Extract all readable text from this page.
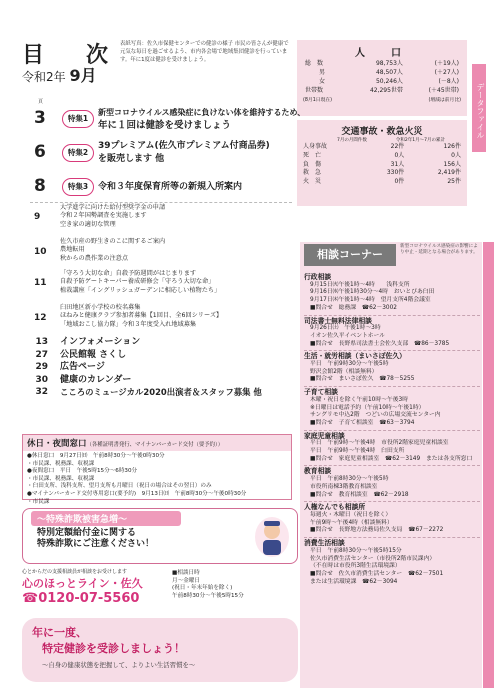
目　次
令和2年 9月
表紙写真：佐久市保健センターでの健診の様子 市民の皆さんが健康で元気な毎日を過ごせるよう、市内各会場で地域集団健診を行っています。年に1度は健診を受けましょう。
人　口
総　数	98,753人	(＋19人)
男	48,507人	(＋27人)
女	50,246人	(－8人)
世帯数	42,295世帯	(＋45世帯)
(8月1日現在)	(増減は前月比)	データファイル
交通事故・救急火災
7月の月間件数	令和2年1月～7月の累計
人身事故	22件	126件
死　亡	0人	0人
負　傷	31人	156人
救　急	330件	2,419件
火　災	0件	25件
頁
3	特集1
新型コロナウイルス感染症に負けない体を維持するため、
年に１回は健診を受けましょう
6	特集2
39プレミアム(佐久市プレミアム付商品券)
を販売します 他
8	特集3	令和３年度保育所等の新規入所案内
9
大学進学に向けた給付型奨学金の申請
令和２年国勢調査を実施します
空き家の適切な管理
10
佐久市産の野生きのこに関するご案内
農地転用
秋からの農作業の注意点
11
「守ろう大切な命」自殺予防週間がはじまります
自殺予防ゲートキーパー養成研修会「守ろう大切な命」
植栽講座「イングリッシュガーデンに相応しい植物たち」
12
臼田地区新小学校の校名募集
ほねみと健康クラブ参加者募集【1回目、全6回シリーズ】
「地域おこし協力隊」令和３年度受入れ地域募集
13 インフォメーション
27 公民館報 さくし
29 広告ページ
30 健康のカレンダー
32 こころのミュージカル2020出演者＆スタッフ募集 他
休日・夜間窓口（各種証明書発行、マイナンバーカード交付（要予約））
●休日窓口　9月27日㈰　午前8時30分～午後0時30分
・市民課、税務課、収税課
●夜間窓口　平日　午後5時15分～6時30分
・市民課、税務課、収税課
・臼田支所、浅科支所、望月支所も月曜日（祝日の場合はその翌日）のみ
●マイナンバーカード交付専用窓口(要予約)　9月13日㈰　午前8時30分～午後0時30分
・市民課
～特殊詐欺被害急増～
特別定額給付金に関する
特殊詐欺にご注意ください！
心とからだの支援相談員が相談をお受けします
心のほっとライン・佐久
☎0120-07-5560
■相談日時
月～金曜日
(祝日・年末年始を除く)
午前8時30分～午後5時15分
年に一度、
特定健診を受診しましょう！
～自身の健康状態を把握して、よりよい生活習慣を～
相談コーナー
新型コロナウイルス感染症の影響により中止・延期となる場合があります。
行政相談
9月15日㈫午後1時～4時　　浅科支所
9月16日㈬午後1時30分～4時　おいとぴあ臼田
9月17日㈭午後1時～4時　望月支所4階会議室
■問合せ　総務課　☎62－3002
司法書士無料法律相談
9月26日㈯　午後1時～3時
イオン佐久平イベントホール
■問合せ　長野県司法書士会佐久支部　☎86－3785
生活・就労相談（まいさぽ佐久）
平日　午前9時30分～午後5時
野沢会館2階（相談無料）
■問合せ　まいさぽ佐久　☎78－5255
子育て相談
木曜・祝日を除く午前10時～午後3時
※日曜日は電話予約（午前10時～午後1時）
サングリモ中込2階　つどいの広場交流センター内
■問合せ　子育て相談室　☎63－3794
家庭児童相談
平日　午前9時～午後4時　市役所2階家庭児童相談室
平日　午前9時～午後4時　臼田支所
■問合せ　家庭児童相談室　☎62－3149　または各支所窓口
教育相談
平日　午前8時30分～午後5時
市役所南棟3階教育相談室
■問合せ　教育相談室　☎62－2918
人権なんでも相談所
毎週火・木曜日（祝日を除く）
午前9時～午後4時（相談無料）
■問合せ　長野地方法務局佐久支局　☎67－2272
消費生活相談
平日　午前8時30分～午後5時15分
佐久市消費生活センター（市役所2階市民課内）
（不在時は市役所3階生活環境課）
■問合せ　佐久市消費生活センター　☎62－7501
または生活環境課　☎62－3094
